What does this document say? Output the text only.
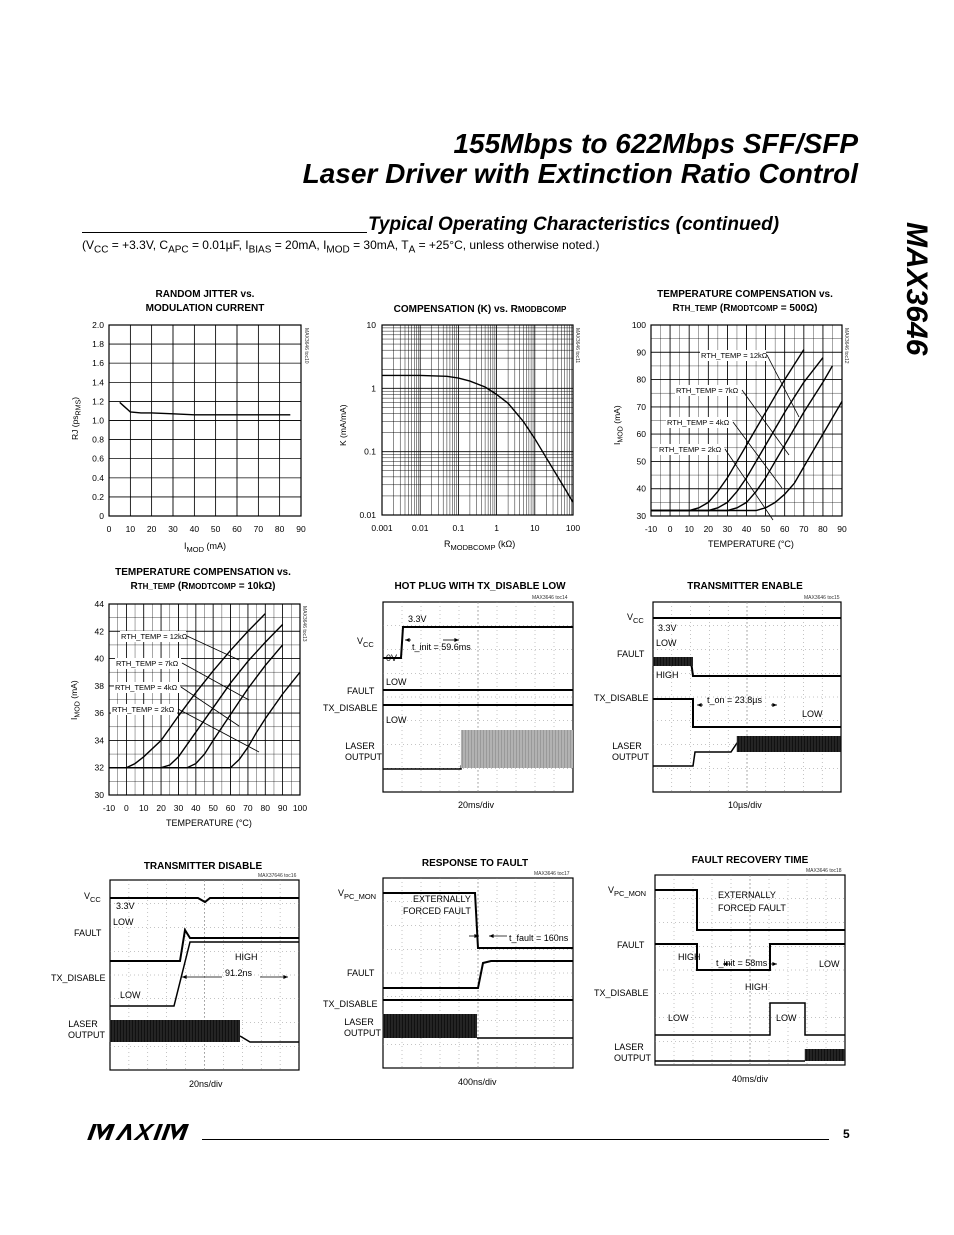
155Mbps to 622Mbps SFF/SFP
Laser Driver with Extinction Ratio Control
MAX3646
Typical Operating Characteristics (continued)
($V_{CC} = +3.3V$, $C_{APC} = 0.01\mu F$, $I_{BIAS} = 20mA$, $I_{MOD} = 30mA$, $T_A = +25^\circ C$, unless otherwise noted.)
RANDOM JITTER vs.
MODULATION CURRENT
0 10 20 30 40 50 60 70 80 90
0
0.2
0.4
0.6
0.8
1.0
1.2
1.4
1.6
1.8
2.0
RJ $(ps_{RMS})$
$I_{MOD}$ (mA)
MAX3646 toc10
COMPENSATION (K) vs. RMODBCOMP
0.001 0.01	0.1	1	10	100
0.01
0.1
1
10
K (mA/mA)
$R_{MODBCOMP}$ (kΩ)
MAX3646 toc11
TEMPERATURE COMPENSATION vs.
RTH_TEMP (RMODTCOMP = 500Ω)
-10 0 10 20 30 40 50 60 70 80 90
30
40
50
60
70
80
90
100
RTH_TEMP = 12kΩ
RTH_TEMP = 7kΩ
RTH_TEMP = 4kΩ
RTH_TEMP = 2kΩ
$I_{MOD}$ (mA)
TEMPERATURE (°C)
MAX3646 toc12
TEMPERATURE COMPENSATION vs.
RTH_TEMP (RMODTCOMP = 10kΩ)
-10 0 10 20 30 40 50 60 70 80 90 100
30
32
34
36
38
40
42
44
RTH_TEMP = 12kΩ
RTH_TEMP = 7kΩ
RTH_TEMP = 4kΩ
RTH_TEMP = 2kΩ
$I_{MOD}$ (mA)
TEMPERATURE (°C)
MAX3646 toc13
HOT PLUG WITH TX_DISABLE LOW
MAX3646 toc14
$V_{CC}$
FAULT
TX_DISABLE
LASER OUTPUT
3.3V
t_init = 59.6ms
0V
LOW
LOW
20ms/div
TRANSMITTER ENABLE
MAX3646 toc15
$V_{CC}$
FAULT
TX_DISABLE
LASER OUTPUT
3.3V
LOW
HIGH
t_on = 23.8µs
LOW
10µs/div
TRANSMITTER DISABLE
MAX37646 toc16
$V_{CC}$
FAULT
TX_DISABLE
LASER OUTPUT
3.3V
LOW
HIGH
91.2ns
LOW
20ns/div
RESPONSE TO FAULT
MAX3646 toc17
$V_{PC\_MON}$
FAULT
TX_DISABLE
LASER OUTPUT
EXTERNALLY
FORCED FAULT
t_fault = 160ns
400ns/div
FAULT RECOVERY TIME
MAX3646 toc18
$V_{PC\_MON}$
FAULT
TX_DISABLE
LASER OUTPUT
EXTERNALLY
FORCED FAULT
HIGH
t_init = 58ms	LOW
HIGH
LOW	LOW
40ms/div
5
